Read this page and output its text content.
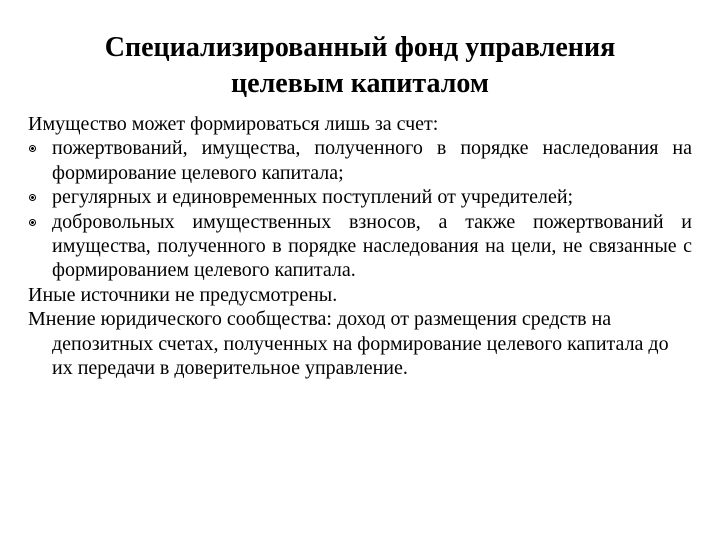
Специализированный фонд управления
целевым капиталом

Имущество может формироваться лишь за счет:

пожертвований, имущества, полученного в порядке наследования на формирование целевого капитала;
регулярных и единовременных поступлений от учредителей;
добровольных имущественных взносов, а также пожертвований и имущества, полученного в порядке наследования на цели, не связанные с формированием целевого капитала.

Иные источники не предусмотрены.

Мнение юридического сообщества: доход от размещения средств на депозитных счетах, полученных на формирование целевого капитала до их передачи в доверительное управление.
